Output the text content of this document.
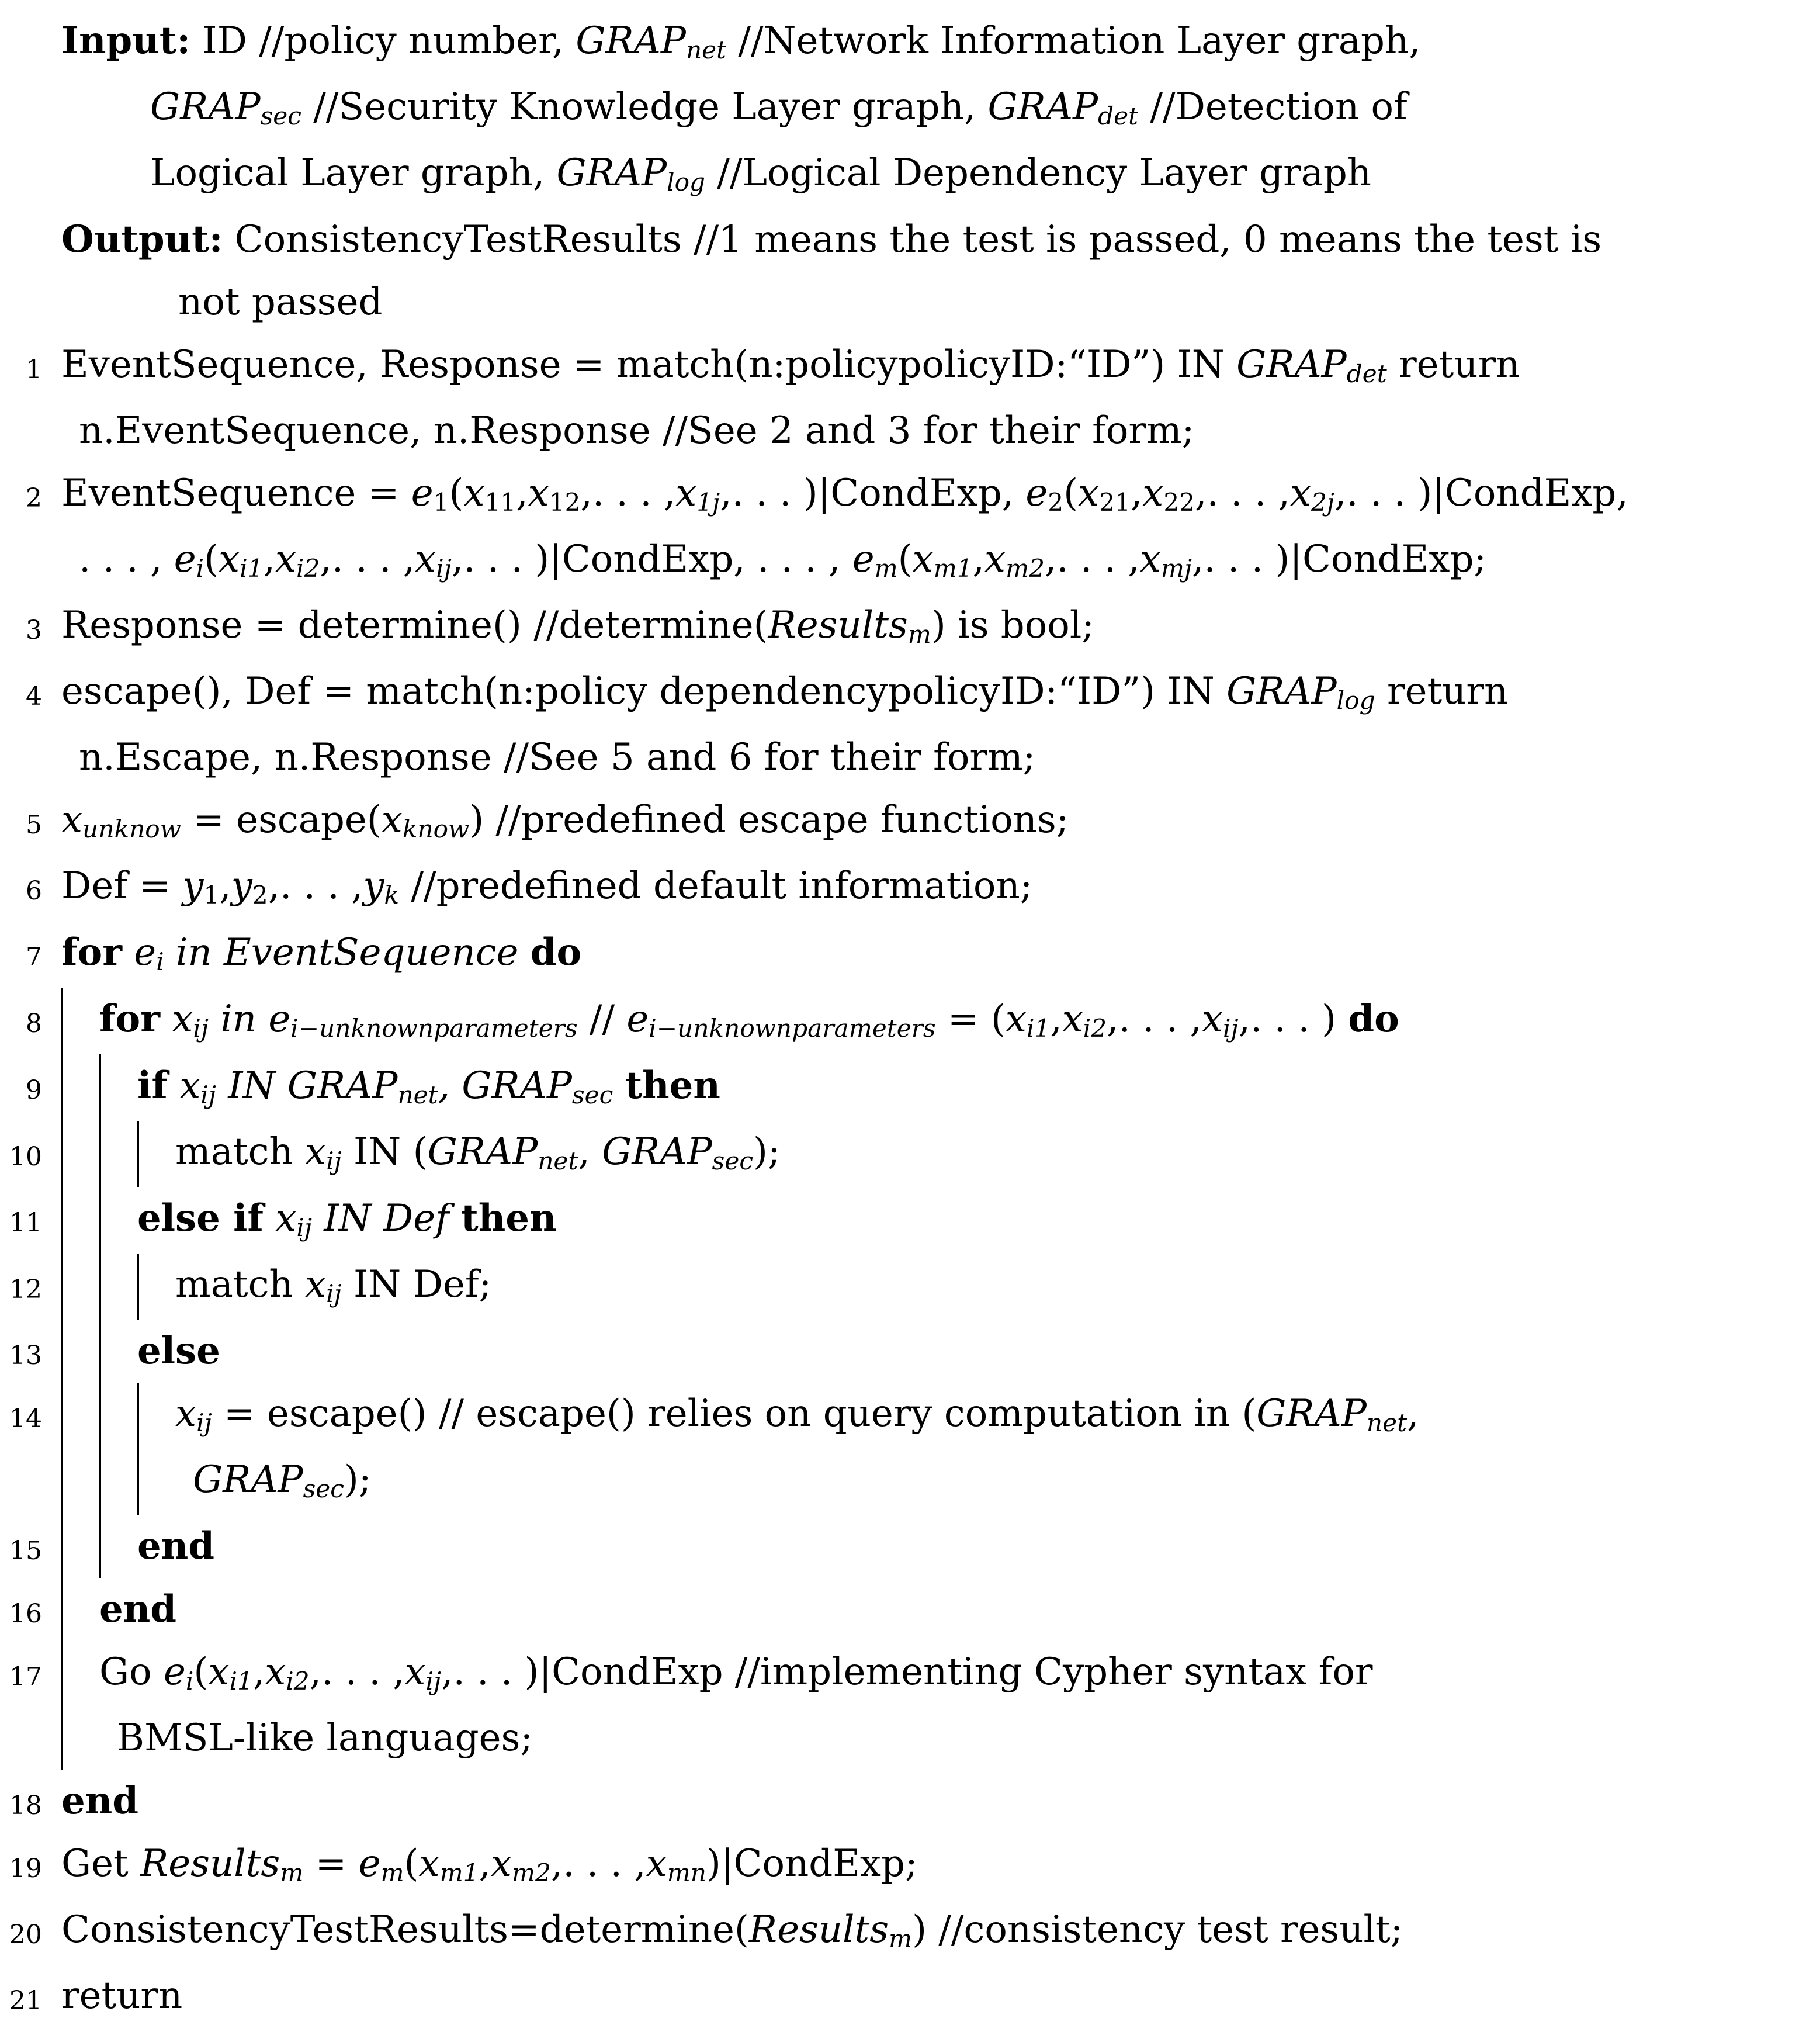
Input: ID //policy number, GRAPnet //Network Information Layer graph,
GRAPsec //Security Knowledge Layer graph, GRAPdet //Detection of
Logical Layer graph, GRAPlog //Logical Dependency Layer graph
Output: ConsistencyTestResults //1 means the test is passed, 0 means the test is
not passed
1 EventSequence, Response = match(n:policypolicyID:“ID”) IN GRAPdet return
n.EventSequence, n.Response //See 2 and 3 for their form;
2 EventSequence = e1(x11,x12,. . . ,x1j,. . . )|CondExp, e2(x21,x22,. . . ,x2j,. . . )|CondExp,
. . . , ei(xi1,xi2,. . . ,xij,. . . )|CondExp, . . . , em(xm1,xm2,. . . ,xmj,. . . )|CondExp;
3 Response = determine() //determine(Resultsm) is bool;
4 escape(), Def = match(n:policy dependencypolicyID:“ID”) IN GRAPlog return
n.Escape, n.Response //See 5 and 6 for their form;
5 xunknow = escape(xknow) //predefined escape functions;
6 Def = y1,y2,. . . ,yk //predefined default information;
7 for ei in EventSequence do
8 for xij in ei−unknownparameters // ei−unknownparameters = (xi1,xi2,. . . ,xij,. . . ) do
9	if xij IN GRAPnet, GRAPsec then
10	match xij IN (GRAPnet, GRAPsec);
11	else if xij IN Def then
12	match xij IN Def;
13	else
14	xij = escape() // escape() relies on query computation in (GRAPnet,
GRAPsec);
15	end
16 end
17 Go ei(xi1,xi2,. . . ,xij,. . . )|CondExp //implementing Cypher syntax for
BMSL-like languages;
18 end
19 Get Resultsm = em(xm1,xm2,. . . ,xmn)|CondExp;
20 ConsistencyTestResults=determine(Resultsm) //consistency test result;
21 return
